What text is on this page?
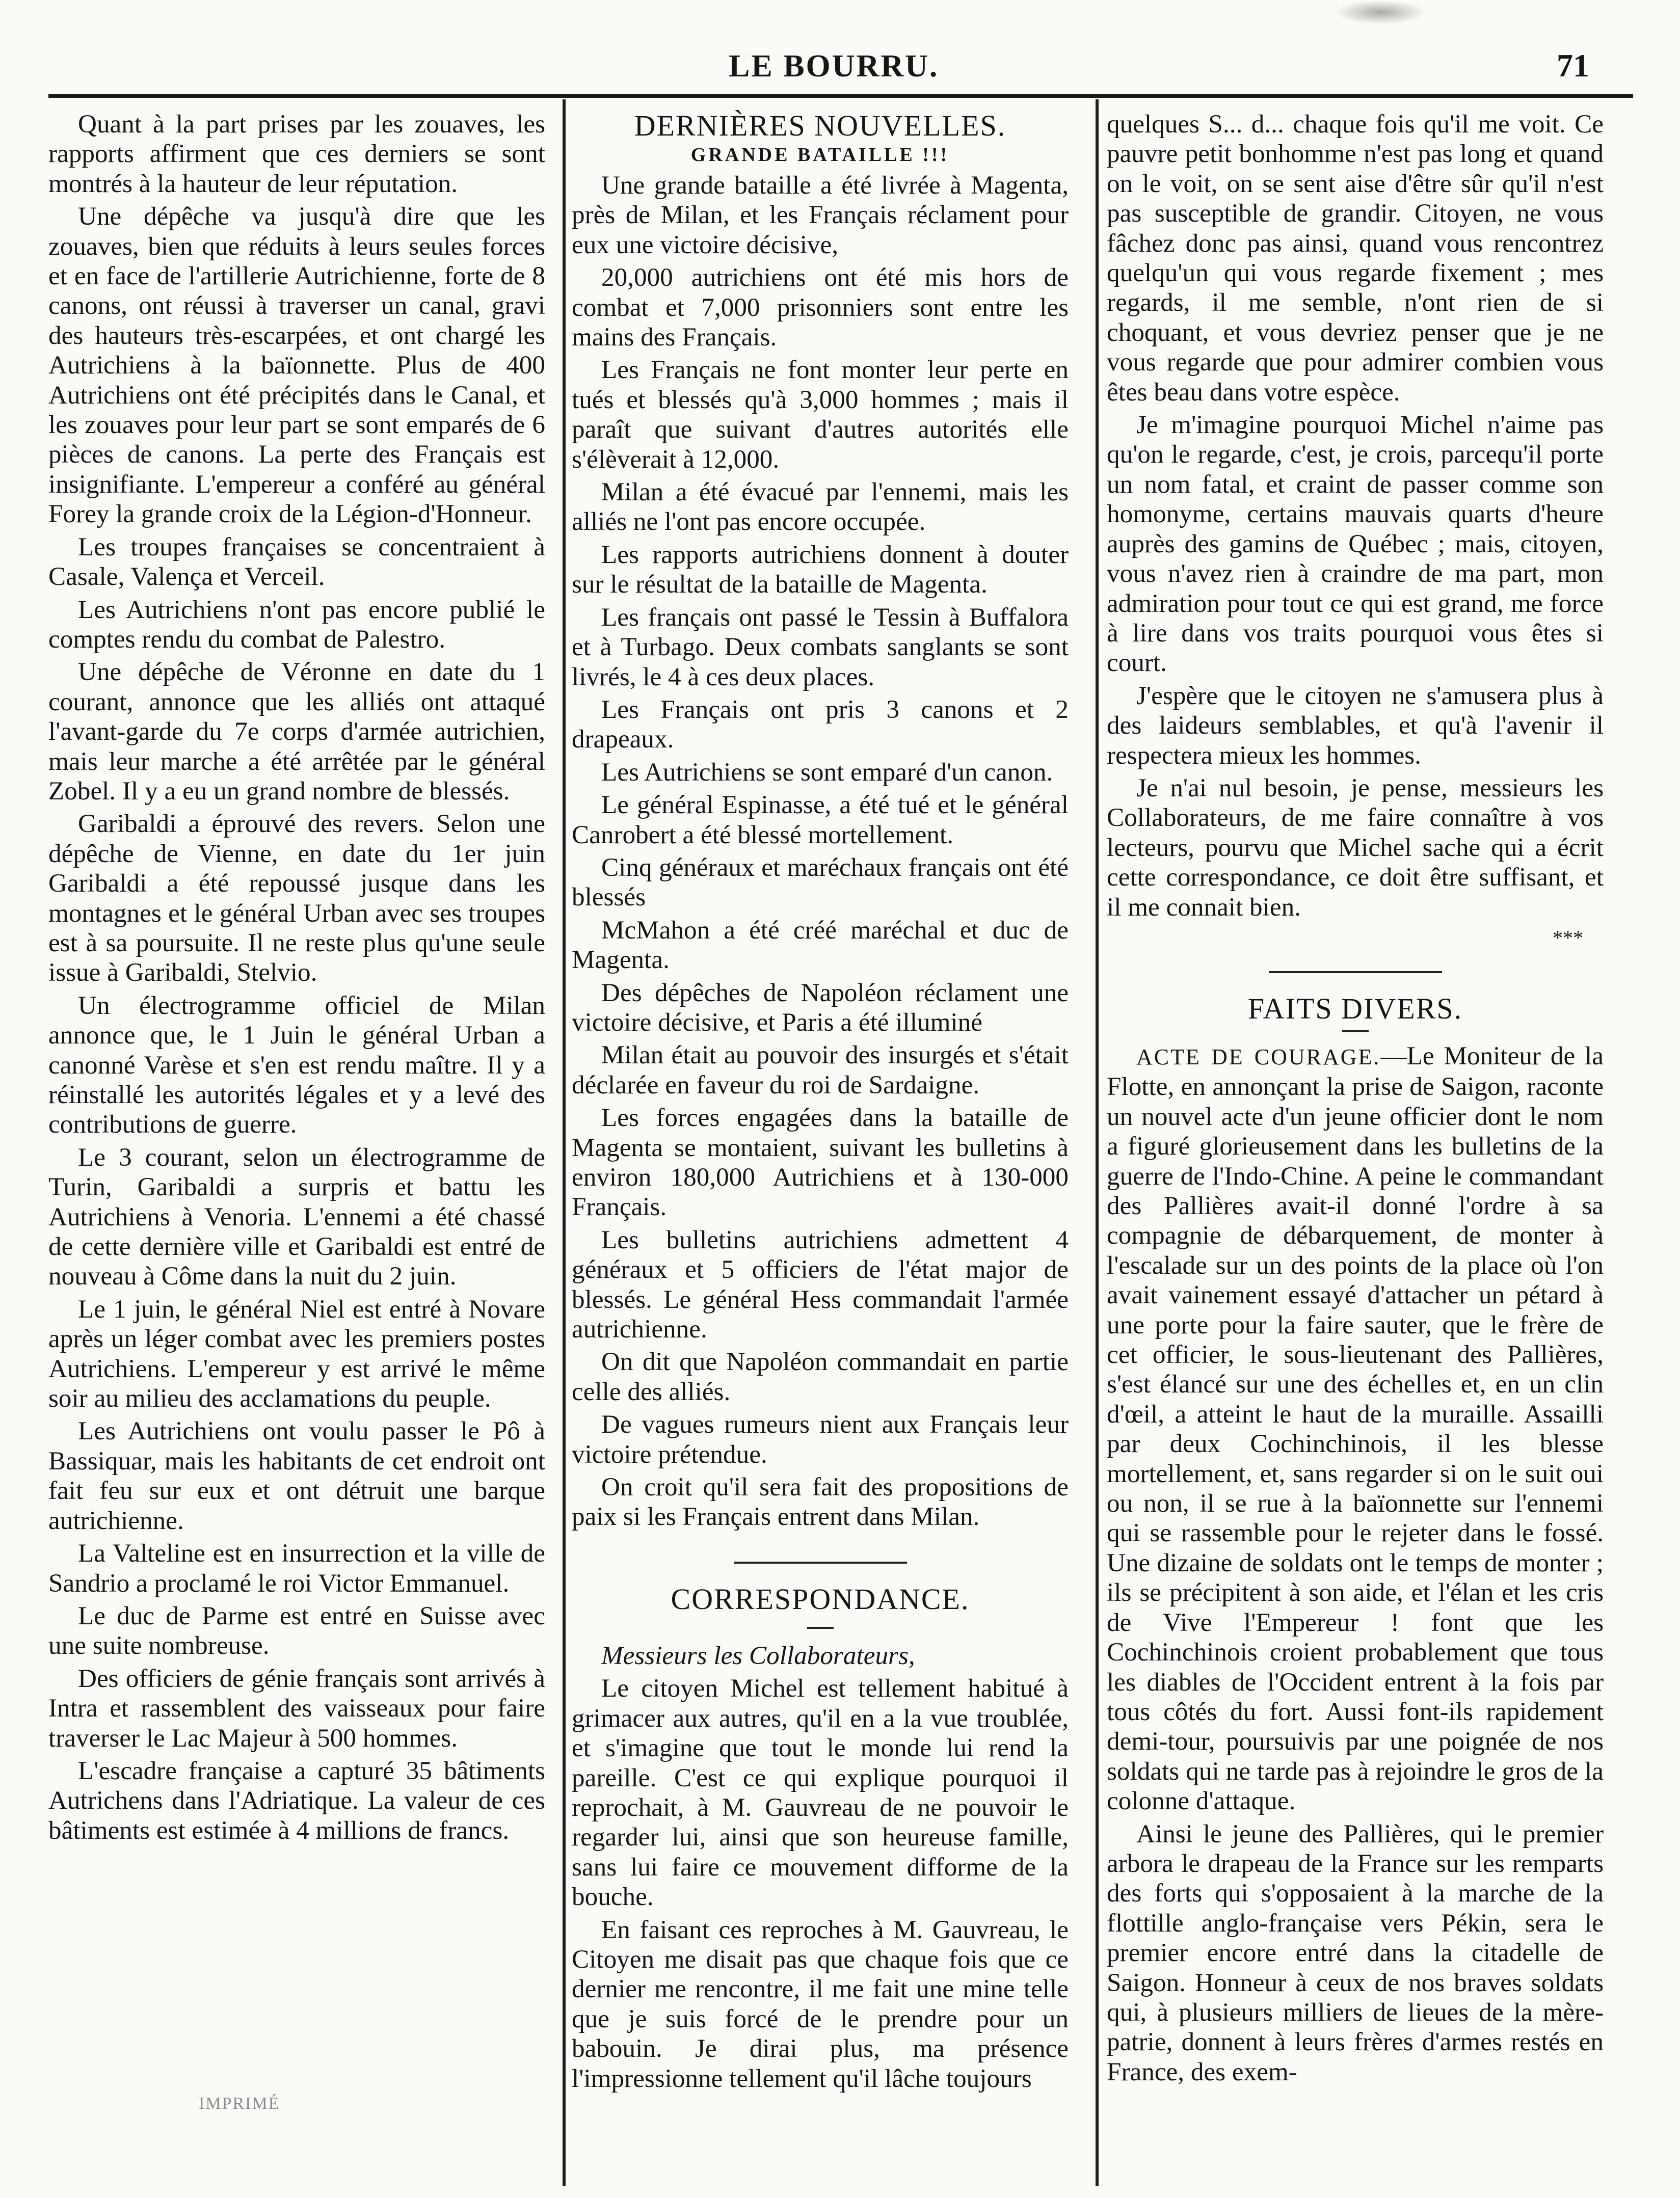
LE BOURRU.	71

Quant à la part prises par les zouaves, les rapports affirment que ces derniers se sont montrés à la hauteur de leur réputation.

Une dépêche va jusqu'à dire que les zouaves, bien que réduits à leurs seules forces et en face de l'artillerie Autrichienne, forte de 8 canons, ont réussi à traverser un canal, gravi des hauteurs très-escarpées, et ont chargé les Autrichiens à la baïonnette. Plus de 400 Autrichiens ont été précipités dans le Canal, et les zouaves pour leur part se sont emparés de 6 pièces de canons. La perte des Français est insignifiante. L'empereur a conféré au général Forey la grande croix de la Légion-d'Honneur.

Les troupes françaises se concentraient à Casale, Valença et Verceil.

Les Autrichiens n'ont pas encore publié le comptes rendu du combat de Palestro.

Une dépêche de Véronne en date du 1 courant, annonce que les alliés ont attaqué l'avant-garde du 7e corps d'armée autrichien, mais leur marche a été arrêtée par le général Zobel. Il y a eu un grand nombre de blessés.

Garibaldi a éprouvé des revers. Selon une dépêche de Vienne, en date du 1er juin Garibaldi a été repoussé jusque dans les montagnes et le général Urban avec ses troupes est à sa poursuite. Il ne reste plus qu'une seule issue à Garibaldi, Stelvio.

Un électrogramme officiel de Milan annonce que, le 1 Juin le général Urban a canonné Varèse et s'en est rendu maître. Il y a réinstallé les autorités légales et y a levé des contributions de guerre.

Le 3 courant, selon un électrogramme de Turin, Garibaldi a surpris et battu les Autrichiens à Venoria. L'ennemi a été chassé de cette dernière ville et Garibaldi est entré de nouveau à Côme dans la nuit du 2 juin.

Le 1 juin, le général Niel est entré à Novare après un léger combat avec les premiers postes Autrichiens. L'empereur y est arrivé le même soir au milieu des acclamations du peuple.

Les Autrichiens ont voulu passer le Pô à Bassiquar, mais les habitants de cet endroit ont fait feu sur eux et ont détruit une barque autrichienne.

La Valteline est en insurrection et la ville de Sandrio a proclamé le roi Victor Emmanuel.

Le duc de Parme est entré en Suisse avec une suite nombreuse.

Des officiers de génie français sont arrivés à Intra et rassemblent des vaisseaux pour faire traverser le Lac Majeur à 500 hommes.

L'escadre française a capturé 35 bâtiments Autrichens dans l'Adriatique. La valeur de ces bâtiments est estimée à 4 millions de francs.

DERNIÈRES NOUVELLES.
GRANDE BATAILLE !!!

Une grande bataille a été livrée à Magenta, près de Milan, et les Français réclament pour eux une victoire décisive,

20,000 autrichiens ont été mis hors de combat et 7,000 prisonniers sont entre les mains des Français.

Les Français ne font monter leur perte en tués et blessés qu'à 3,000 hommes ; mais il paraît que suivant d'autres autorités elle s'élèverait à 12,000.

Milan a été évacué par l'ennemi, mais les alliés ne l'ont pas encore occupée.

Les rapports autrichiens donnent à douter sur le résultat de la bataille de Magenta.

Les français ont passé le Tessin à Buffalora et à Turbago. Deux combats sanglants se sont livrés, le 4 à ces deux places.

Les Français ont pris 3 canons et 2 drapeaux.

Les Autrichiens se sont emparé d'un canon.

Le général Espinasse, a été tué et le général Canrobert a été blessé mortellement.

Cinq généraux et maréchaux français ont été blessés

McMahon a été créé maréchal et duc de Magenta.

Des dépêches de Napoléon réclament une victoire décisive, et Paris a été illuminé

Milan était au pouvoir des insurgés et s'était déclarée en faveur du roi de Sardaigne.

Les forces engagées dans la bataille de Magenta se montaient, suivant les bulletins à environ 180,000 Autrichiens et à 130-000 Français.

Les bulletins autrichiens admettent 4 généraux et 5 officiers de l'état major de blessés. Le général Hess commandait l'armée autrichienne.

On dit que Napoléon commandait en partie celle des alliés.

De vagues rumeurs nient aux Français leur victoire prétendue.

On croit qu'il sera fait des propositions de paix si les Français entrent dans Milan.

CORRESPONDANCE.

Messieurs les Collaborateurs,

Le citoyen Michel est tellement habitué à grimacer aux autres, qu'il en a la vue troublée, et s'imagine que tout le monde lui rend la pareille. C'est ce qui explique pourquoi il reprochait, à M. Gauvreau de ne pouvoir le regarder lui, ainsi que son heureuse famille, sans lui faire ce mouvement difforme de la bouche.

En faisant ces reproches à M. Gauvreau, le Citoyen me disait pas que chaque fois que ce dernier me rencontre, il me fait une mine telle que je suis forcé de le prendre pour un babouin. Je dirai plus, ma présence l'impressionne tellement qu'il lâche toujours

quelques S... d... chaque fois qu'il me voit. Ce pauvre petit bonhomme n'est pas long et quand on le voit, on se sent aise d'être sûr qu'il n'est pas susceptible de grandir. Citoyen, ne vous fâchez donc pas ainsi, quand vous rencontrez quelqu'un qui vous regarde fixement ; mes regards, il me semble, n'ont rien de si choquant, et vous devriez penser que je ne vous regarde que pour admirer combien vous êtes beau dans votre espèce.

Je m'imagine pourquoi Michel n'aime pas qu'on le regarde, c'est, je crois, parcequ'il porte un nom fatal, et craint de passer comme son homonyme, certains mauvais quarts d'heure auprès des gamins de Québec ; mais, citoyen, vous n'avez rien à craindre de ma part, mon admiration pour tout ce qui est grand, me force à lire dans vos traits pourquoi vous êtes si court.

J'espère que le citoyen ne s'amusera plus à des laideurs semblables, et qu'à l'avenir il respectera mieux les hommes.

Je n'ai nul besoin, je pense, messieurs les Collaborateurs, de me faire connaître à vos lecteurs, pourvu que Michel sache qui a écrit cette correspondance, ce doit être suffisant, et il me connait bien.

***
FAITS DIVERS.

ACTE DE COURAGE.—Le Moniteur de la Flotte, en annonçant la prise de Saigon, raconte un nouvel acte d'un jeune officier dont le nom a figuré glorieusement dans les bulletins de la guerre de l'Indo-Chine. A peine le commandant des Pallières avait-il donné l'ordre à sa compagnie de débarquement, de monter à l'escalade sur un des points de la place où l'on avait vainement essayé d'attacher un pétard à une porte pour la faire sauter, que le frère de cet officier, le sous-lieutenant des Pallières, s'est élancé sur une des échelles et, en un clin d'œil, a atteint le haut de la muraille. Assailli par deux Cochinchinois, il les blesse mortellement, et, sans regarder si on le suit oui ou non, il se rue à la baïonnette sur l'ennemi qui se rassemble pour le rejeter dans le fossé. Une dizaine de soldats ont le temps de monter ; ils se précipitent à son aide, et l'élan et les cris de Vive l'Empereur ! font que les Cochinchinois croient probablement que tous les diables de l'Occident entrent à la fois par tous côtés du fort. Aussi font-ils rapidement demi-tour, poursuivis par une poignée de nos soldats qui ne tarde pas à rejoindre le gros de la colonne d'attaque.

Ainsi le jeune des Pallières, qui le premier arbora le drapeau de la France sur les remparts des forts qui s'opposaient à la marche de la flottille anglo-française vers Pékin, sera le premier encore entré dans la citadelle de Saigon. Honneur à ceux de nos braves soldats qui, à plusieurs milliers de lieues de la mère-patrie, donnent à leurs frères d'armes restés en France, des exem-

IMPRIMÉ
